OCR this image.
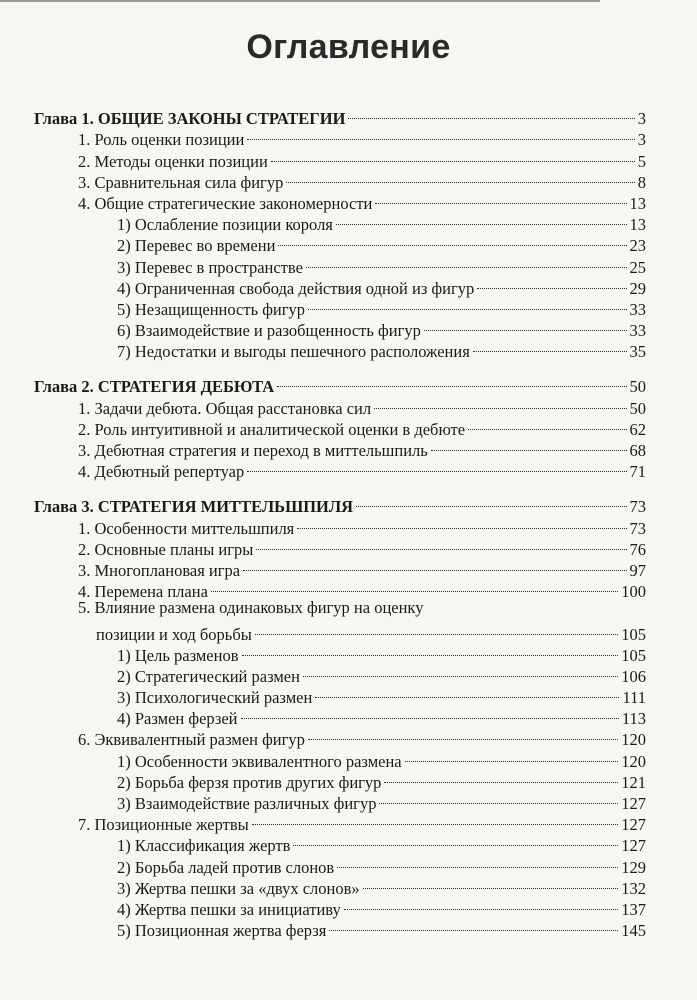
Оглавление
Глава 1. ОБЩИЕ ЗАКОНЫ СТРАТЕГИИ	3
1. Роль оценки позиции	3
2. Методы оценки позиции	5
3. Сравнительная сила фигур	8
4. Общие стратегические закономерности	13
1) Ослабление позиции короля	13
2) Перевес во времени	23
3) Перевес в пространстве	25
4) Ограниченная свобода действия одной из фигур	29
5) Незащищенность фигур	33
6) Взаимодействие и разобщенность фигур	33
7) Недостатки и выгоды пешечного расположения	35
Глава 2. СТРАТЕГИЯ ДЕБЮТА	50
1. Задачи дебюта. Общая расстановка сил	50
2. Роль интуитивной и аналитической оценки в дебюте	62
3. Дебютная стратегия и переход в миттельшпиль	68
4. Дебютный репертуар	71
Глава 3. СТРАТЕГИЯ МИТТЕЛЬШПИЛЯ	73
1. Особенности миттельшпиля	73
2. Основные планы игры	76
3. Многоплановая игра	97
4. Перемена плана	100
5. Влияние размена одинаковых фигур на оценку
позиции и ход борьбы	105
1) Цель разменов	105
2) Стратегический размен	106
3) Психологический размен	111
4) Размен ферзей	113
6. Эквивалентный размен фигур	120
1) Особенности эквивалентного размена	120
2) Борьба ферзя против других фигур	121
3) Взаимодействие различных фигур	127
7. Позиционные жертвы	127
1) Классификация жертв	127
2) Борьба ладей против слонов	129
3) Жертва пешки за «двух слонов»	132
4) Жертва пешки за инициативу	137
5) Позиционная жертва ферзя	145
